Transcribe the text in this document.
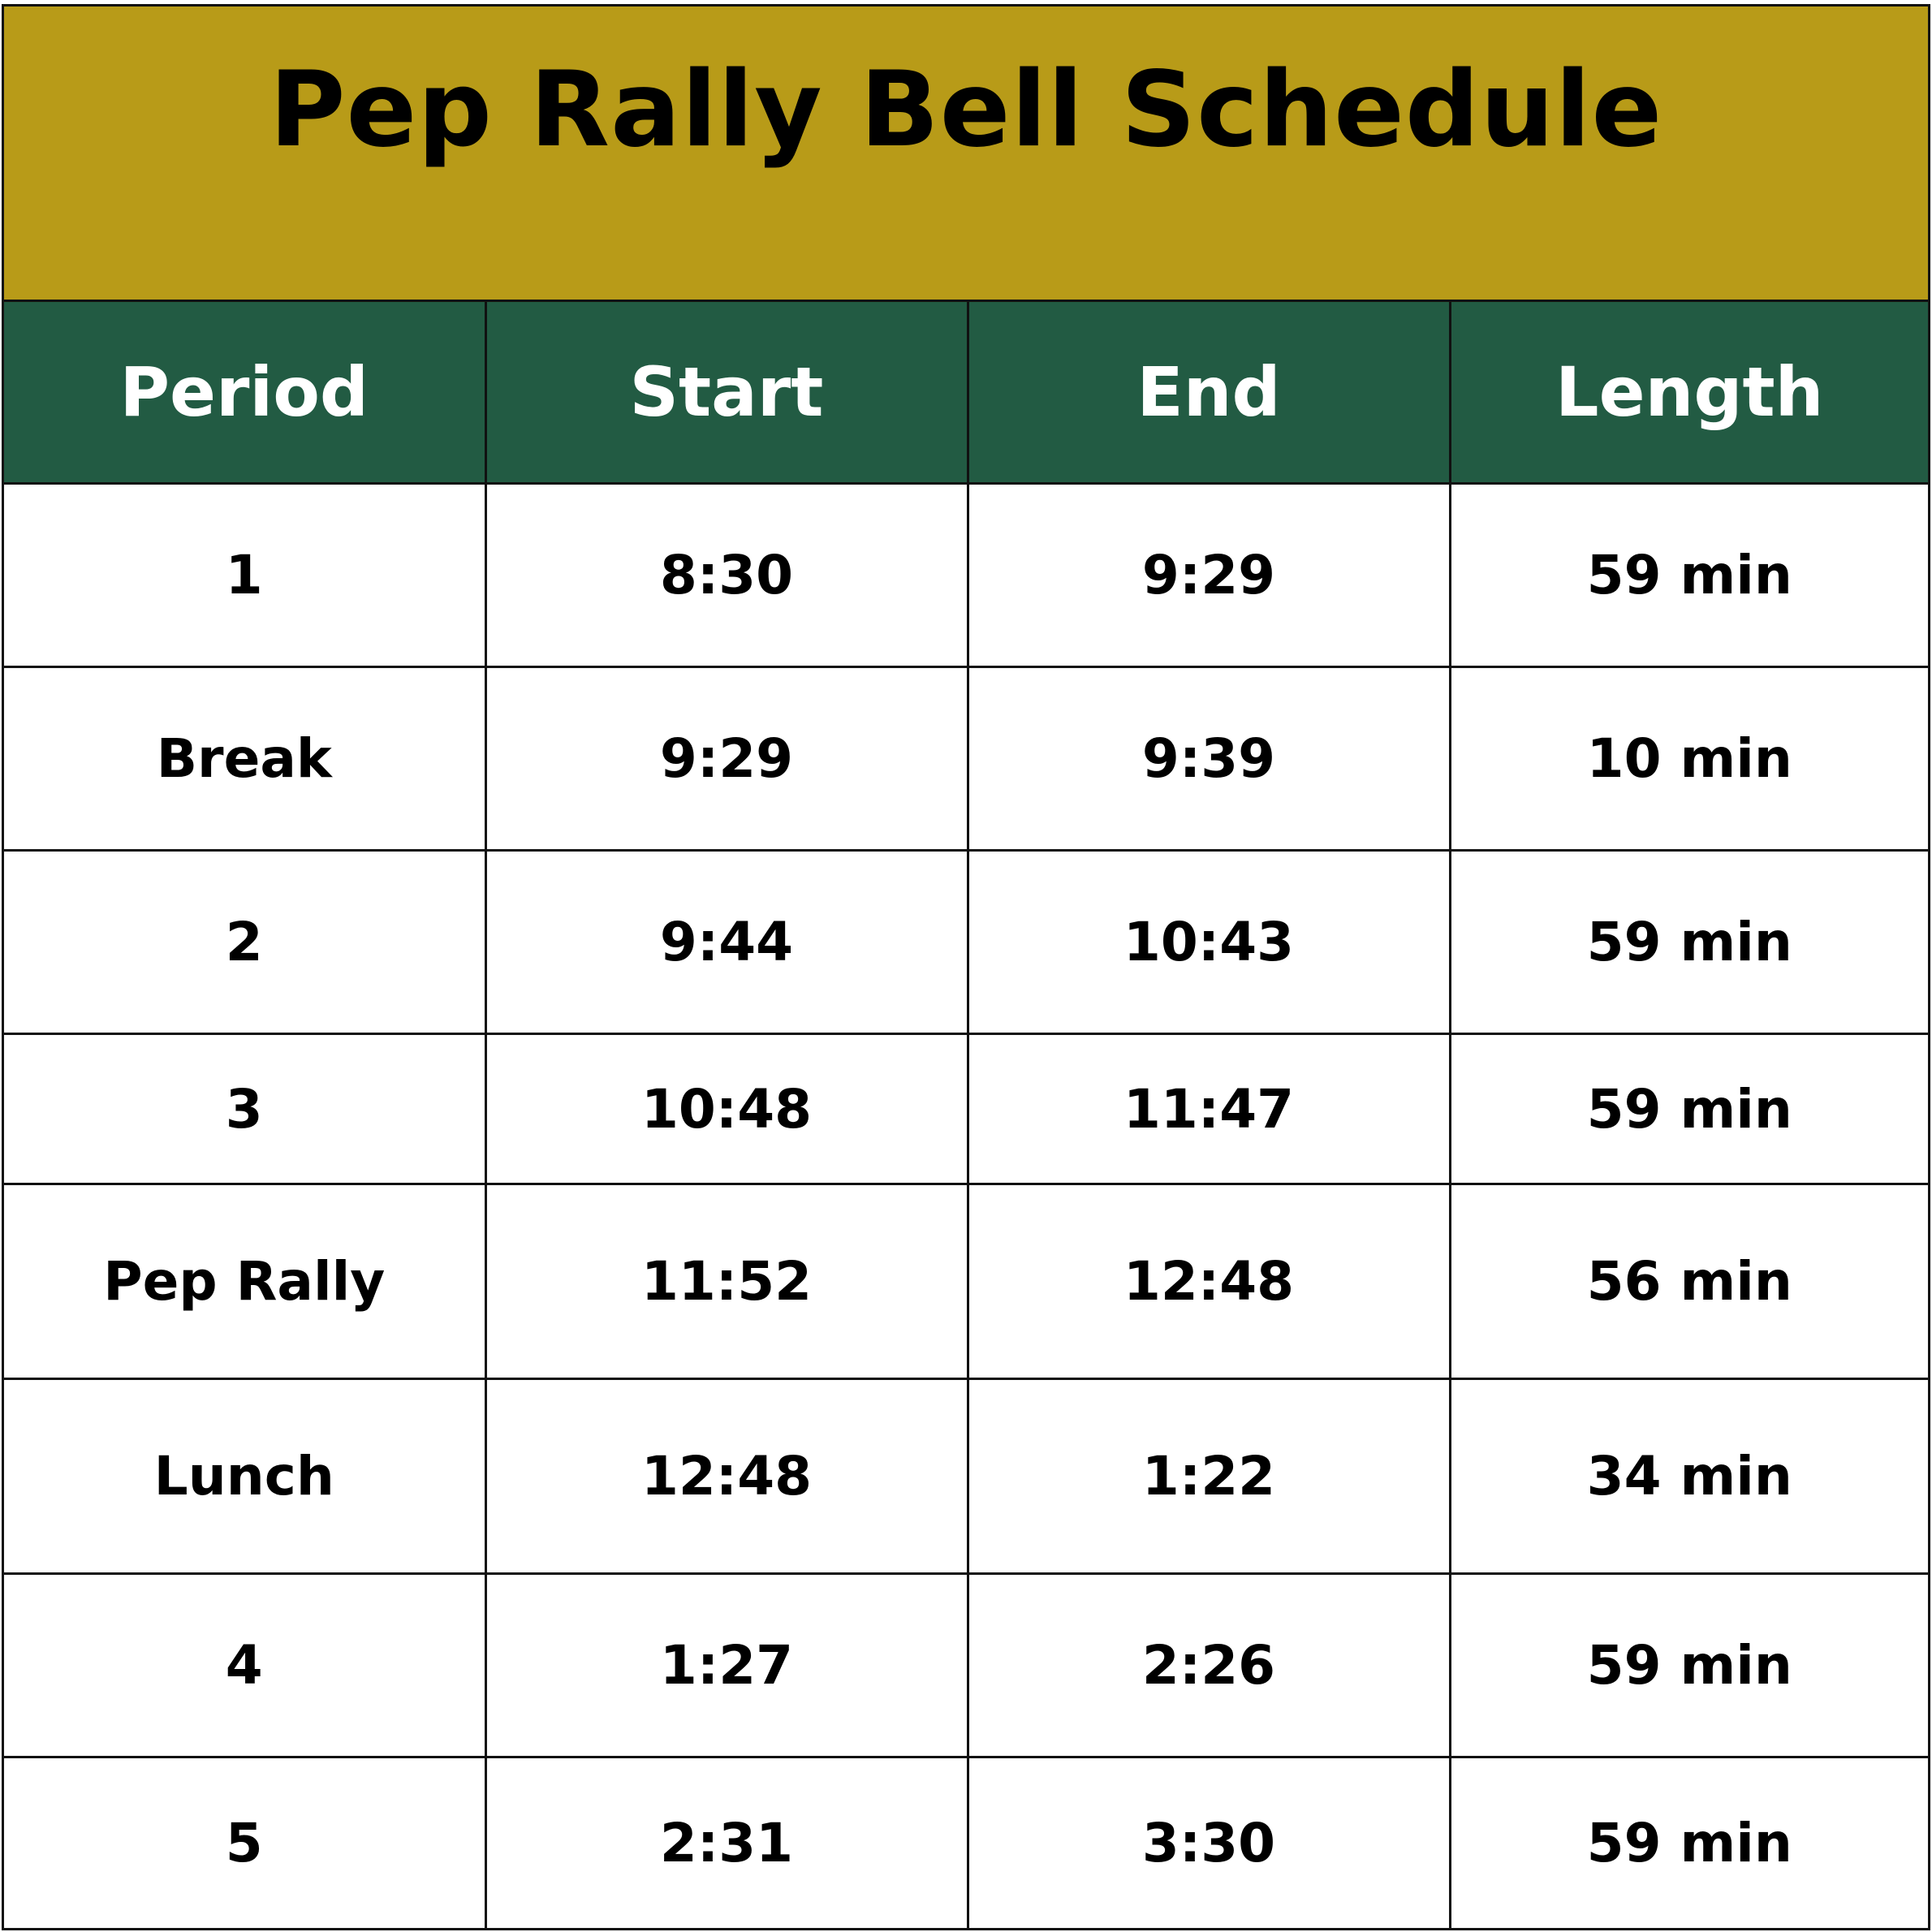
Pep Rally Bell Schedule
Period	Start	End	Length
1	8:30	9:29	59 min
Break	9:29	9:39	10 min
2	9:44	10:43	59 min
3	10:48	11:47	59 min
Pep Rally	11:52	12:48	56 min
Lunch	12:48	1:22	34 min
4	1:27	2:26	59 min
5	2:31	3:30	59 min
